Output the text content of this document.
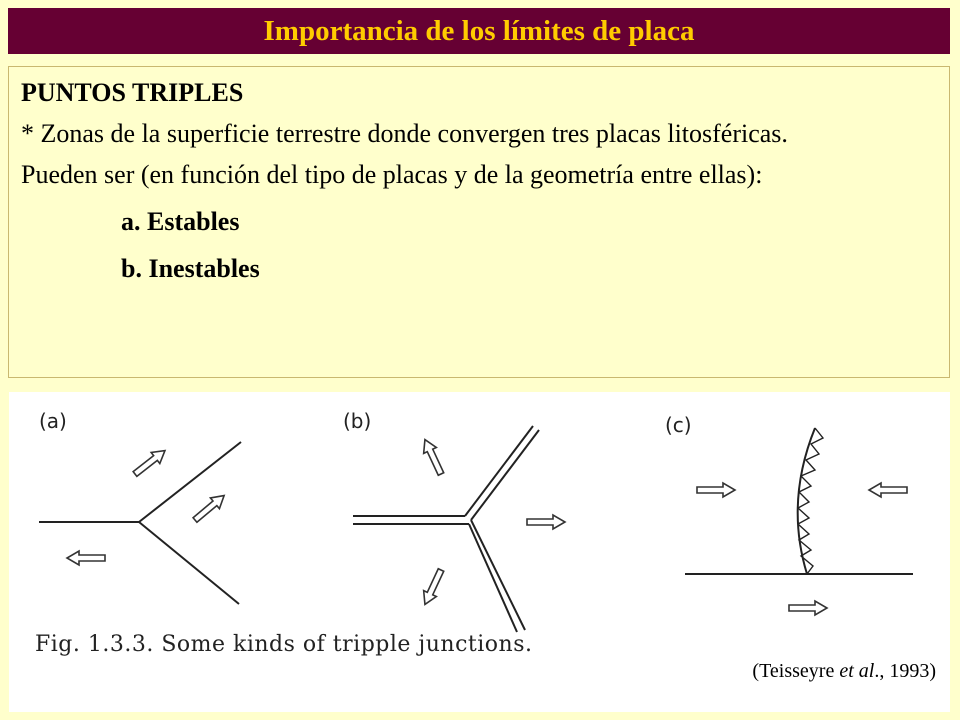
Importancia de los límites de placa

PUNTOS TRIPLES

* Zonas de la superficie terrestre donde convergen tres placas litosféricas.

Pueden ser (en función del tipo de placas y de la geometría entre ellas):

a. Estables

b. Inestables

(a)	(b)	(c)
Fig. 1.3.3. Some kinds of tripple junctions.
(Teisseyre et al., 1993)
